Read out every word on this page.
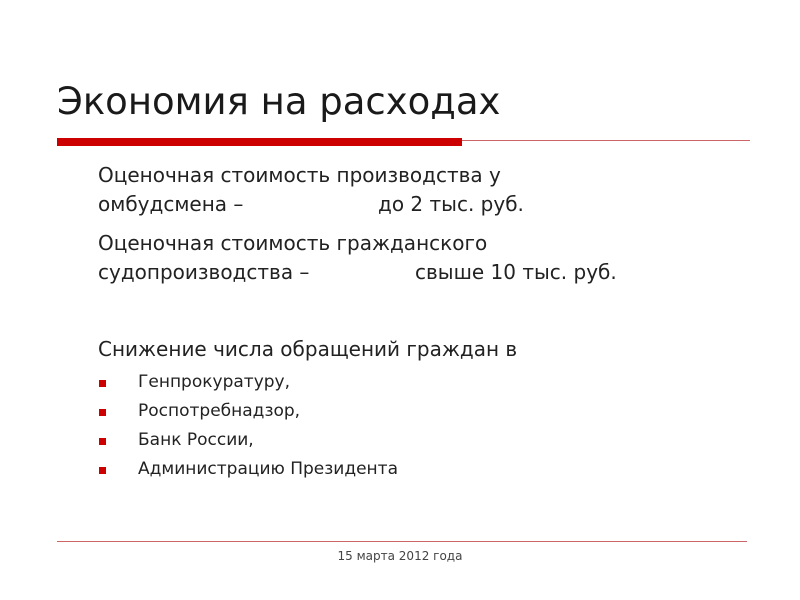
Экономия на расходах
Оценочная стоимость производства у
омбудсмена –	до 2 тыс. руб.
Оценочная стоимость гражданского
судопроизводства –	свыше 10 тыс. руб.
Снижение числа обращений граждан в
Генпрокуратуру,
Роспотребнадзор,
Банк России,
Администрацию Президента
15 марта 2012 года
